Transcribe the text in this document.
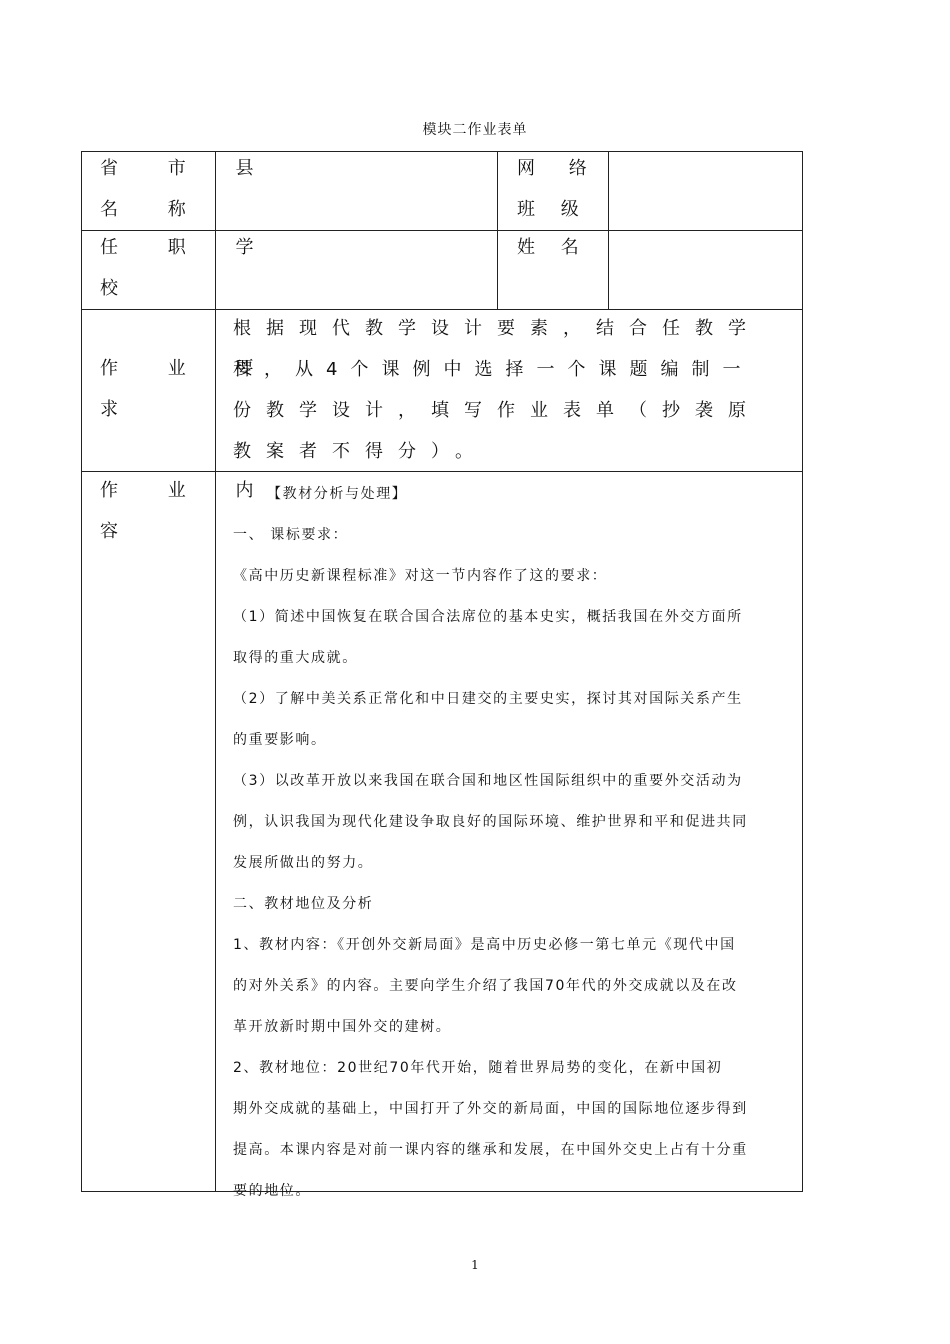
模块二作业表单
省 市 县
名 称
网 络
班 级
任 职 学
校
姓 名
作 业 要
求
根据现代教学设计要素，结合任教学
科，从4个课例中选择一个课题编制一
份教学设计，填写作业表单（抄袭原
教案者不得分）。
作 业 内
容

【教材分析与处理】

一、 课标要求：

《高中历史新课程标准》对这一节内容作了这的要求：

（1）简述中国恢复在联合国合法席位的基本史实，概括我国在外交方面所

取得的重大成就。

（2）了解中美关系正常化和中日建交的主要史实，探讨其对国际关系产生

的重要影响。

（3）以改革开放以来我国在联合国和地区性国际组织中的重要外交活动为

例，认识我国为现代化建设争取良好的国际环境、维护世界和平和促进共同

发展所做出的努力。

二、教材地位及分析

1、教材内容：《开创外交新局面》是高中历史必修一第七单元《现代中国

的对外关系》的内容。主要向学生介绍了我国70年代的外交成就以及在改

革开放新时期中国外交的建树。

2、教材地位：20世纪70年代开始，随着世界局势的变化，在新中国初

期外交成就的基础上，中国打开了外交的新局面，中国的国际地位逐步得到

提高。本课内容是对前一课内容的继承和发展，在中国外交史上占有十分重

要的地位。

1
